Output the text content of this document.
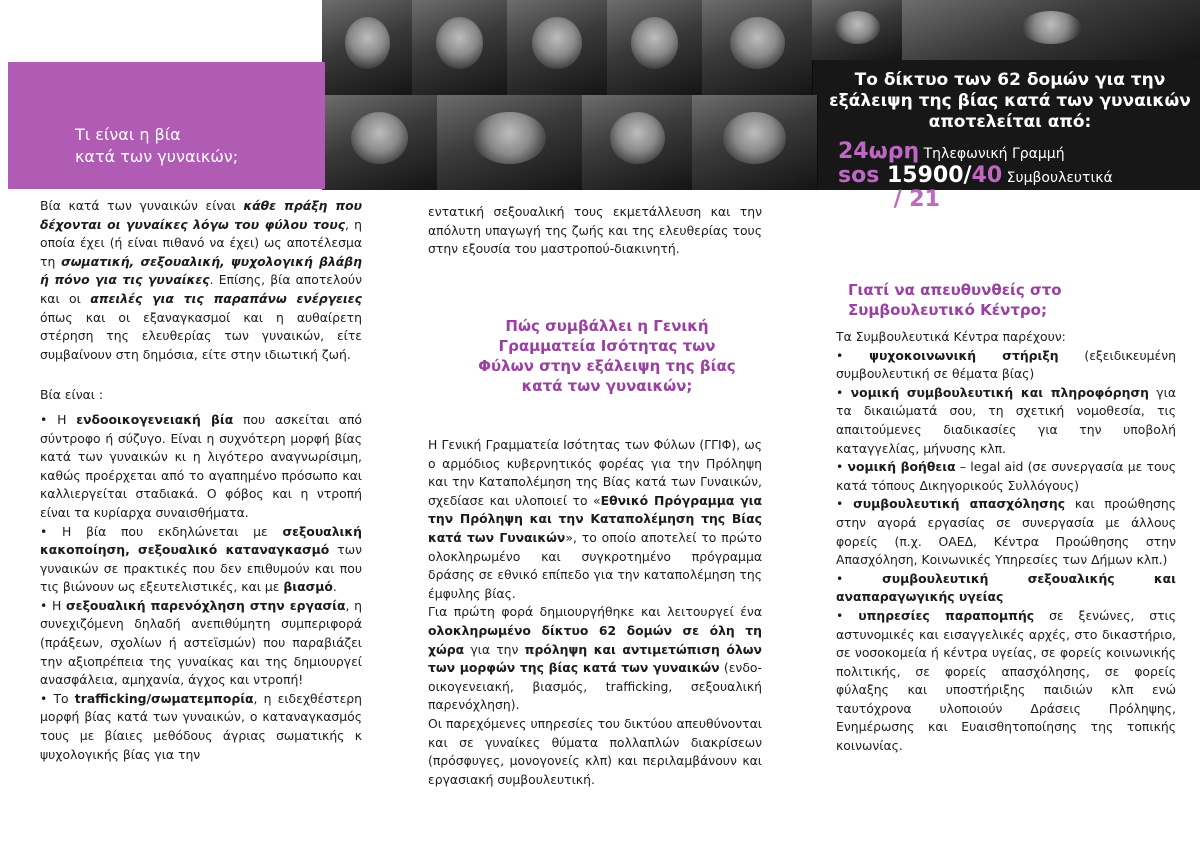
Τι είναι η βία
κατά των γυναικών;

Βία κατά των γυναικών είναι κάθε πράξη που δέχονται οι γυναίκες λόγω του φύλου τους, η οποία έχει (ή είναι πιθανό να έχει) ως αποτέλεσμα τη σωματική, σεξουαλική, ψυχολογική βλάβη ή πόνο για τις γυναίκες. Επίσης, βία αποτελούν και οι απειλές για τις παραπάνω ενέργειες όπως και οι εξαναγκασμοί και η αυθαίρετη στέρηση της ελευθερίας των γυναικών, είτε συμβαίνουν στη δημόσια, είτε στην ιδιωτική ζωή.

Βία είναι :

• Η ενδοοικογενειακή βία που ασκείται από σύντροφο ή σύζυγο. Είναι η συχνότερη μορφή βίας κατά των γυναικών κι η λιγότερο αναγνωρίσιμη, καθώς προέρχεται από το αγαπημένο πρόσωπο και καλλιεργείται σταδιακά. Ο φόβος και η ντροπή είναι τα κυρίαρχα συναισθήματα.

• Η βία που εκδηλώνεται με σεξουαλική κακοποίηση, σεξουαλικό καταναγκασμό των γυναικών σε πρακτικές που δεν επιθυμούν και που τις βιώνουν ως εξευτελιστικές, και με βιασμό.

• Η σεξουαλική παρενόχληση στην εργασία, η συνεχιζόμενη δηλαδή ανεπιθύμητη συμπεριφορά (πράξεων, σχολίων ή αστεϊσμών) που παραβιάζει την αξιοπρέπεια της γυναίκας και της δημιουργεί ανασφάλεια, αμηχανία, άγχος και ντροπή!

• Το trafficking/σωματεμπορία, η ειδεχθέστερη μορφή βίας κατά των γυναικών, ο καταναγκασμός τους με βίαιες μεθόδους άγριας σωματικής κ ψυχολογικής βίας για την

εντατική σεξουαλική τους εκμετάλλευση και την απόλυτη υπαγωγή της ζωής και της ελευθερίας τους στην εξουσία του μαστροπού-διακινητή.

Πώς συμβάλλει η Γενική
Γραμματεία Ισότητας των
Φύλων στην εξάλειψη της βίας
κατά των γυναικών;

Η Γενική Γραμματεία Ισότητας των Φύλων (ΓΓΙΦ), ως ο αρμόδιος κυβερνητικός φορέας για την Πρόληψη και την Καταπολέμηση της Βίας κατά των Γυναικών, σχεδίασε και υλοποιεί το «Εθνικό Πρόγραμμα για την Πρόληψη και την Καταπολέμηση της Βίας κατά των Γυναικών», το οποίο αποτελεί το πρώτο ολοκληρωμένο και συγκροτημένο πρόγραμμα δράσης σε εθνικό επίπεδο για την καταπολέμηση της έμφυλης βίας.

Για πρώτη φορά δημιουργήθηκε και λειτουργεί ένα ολοκληρωμένο δίκτυο 62 δομών σε όλη τη χώρα για την πρόληψη και αντιμετώπιση όλων των μορφών της βίας κατά των γυναικών (ενδο-οικογενειακή, βιασμός, trafficking, σεξουαλική παρενόχληση).

Οι παρεχόμενες υπηρεσίες του δικτύου απευθύνονται και σε γυναίκες θύματα πολλαπλών διακρίσεων (πρόσφυγες, μονογονείς κλπ) και περιλαμβάνουν και εργασιακή συμβουλευτική.

Το δίκτυο των 62 δομών για την εξάλειψη της βίας κατά των γυναικών αποτελείται από:
24ωρη Τηλεφωνική Γραμμή
sos 15900/40 Συμβουλευτικά
Κέντρα / 21 Ξενώνες Φιλοξενίας
γυναικών θυμάτων βίας
Γιατί να απευθυνθείς στο
Συμβουλευτικό Κέντρο;

Τα Συμβουλευτικά Κέντρα παρέχουν:

• ψυχοκοινωνική στήριξη (εξειδικευμένη συμβουλευτική σε θέματα βίας)

• νομική συμβουλευτική και πληροφόρηση για τα δικαιώματά σου, τη σχετική νομοθεσία, τις απαιτούμενες διαδικασίες για την υποβολή καταγγελίας, μήνυσης κλπ.

• νομική βοήθεια – legal aid (σε συνεργασία με τους κατά τόπους Δικηγορικούς Συλλόγους)

• συμβουλευτική απασχόλησης και προώθησης στην αγορά εργασίας σε συνεργασία με άλλους φορείς (π.χ. ΟΑΕΔ, Κέντρα Προώθησης στην Απασχόληση, Κοινωνικές Υπηρεσίες των Δήμων κλπ.)

• συμβουλευτική σεξουαλικής και αναπαραγωγικής υγείας

• υπηρεσίες παραπομπής σε ξενώνες, στις αστυνομικές και εισαγγελικές αρχές, στο δικαστήριο, σε νοσοκομεία ή κέντρα υγείας, σε φορείς κοινωνικής πολιτικής, σε φορείς απασχόλησης, σε φορείς φύλαξης και υποστήριξης παιδιών κλπ ενώ ταυτόχρονα υλοποιούν Δράσεις Πρόληψης, Ενημέρωσης και Ευαισθητοποίησης της τοπικής κοινωνίας.
